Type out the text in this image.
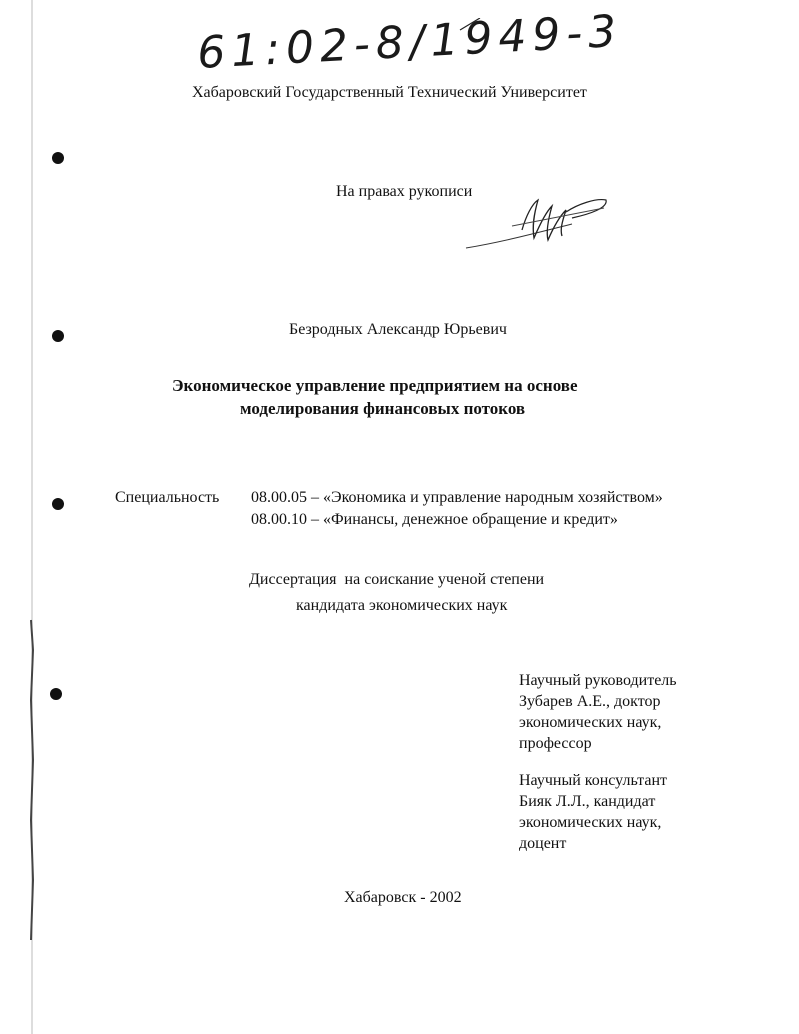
61:02-8/1949-3
Хабаровский Государственный Технический Университет
На правах рукописи
Безродных Александр Юрьевич
Экономическое управление предприятием на основе
моделирования финансовых потоков
Специальность 08.00.05 – «Экономика и управление народным хозяйством»
08.00.10 – «Финансы, денежное обращение и кредит»
Диссертация  на соискание ученой степени
кандидата экономических наук
Научный руководитель
Зубарев А.Е., доктор
экономических наук,
профессор
Научный консультант
Бияк Л.Л., кандидат
экономических наук,
доцент
Хабаровск - 2002
